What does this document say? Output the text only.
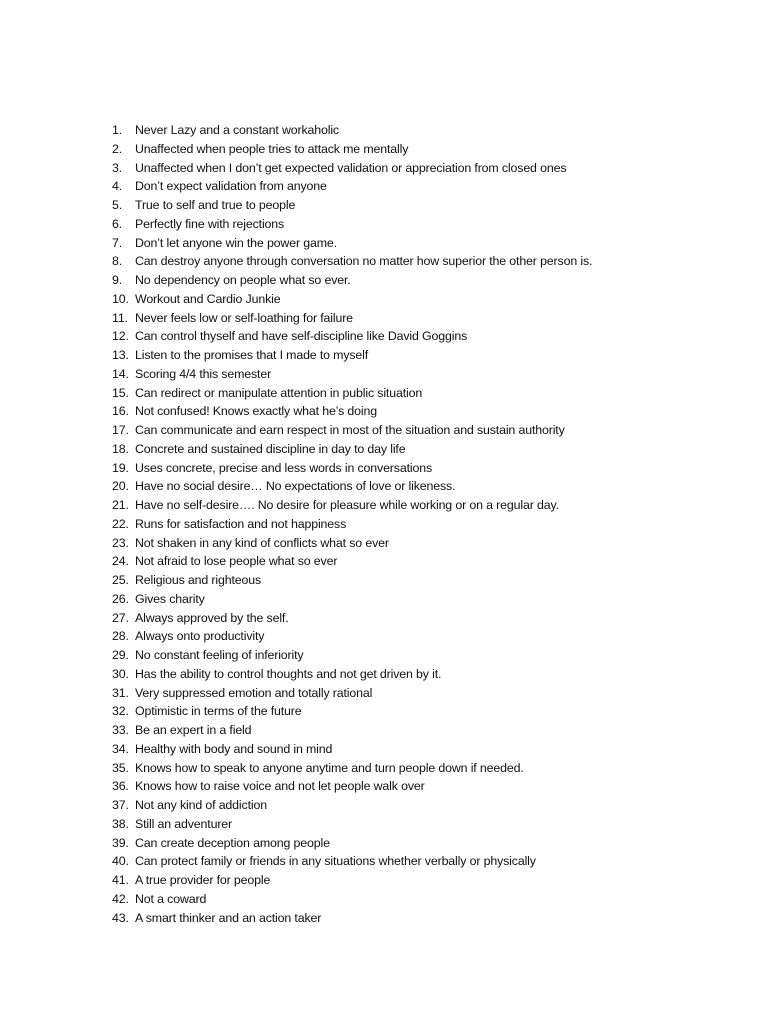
1.	Never Lazy and a constant workaholic
2.	Unaffected when people tries to attack me mentally
3.	Unaffected when I don’t get expected validation or appreciation from closed ones
4.	Don’t expect validation from anyone
5.	True to self and true to people
6.	Perfectly fine with rejections
7.	Don’t let anyone win the power game.
8.	Can destroy anyone through conversation no matter how superior the other person is.
9.	No dependency on people what so ever.
10. Workout and Cardio Junkie
11. Never feels low or self-loathing for failure
12. Can control thyself and have self-discipline like David Goggins
13. Listen to the promises that I made to myself
14. Scoring 4/4 this semester
15. Can redirect or manipulate attention in public situation
16. Not confused! Knows exactly what he’s doing
17. Can communicate and earn respect in most of the situation and sustain authority
18. Concrete and sustained discipline in day to day life
19. Uses concrete, precise and less words in conversations
20. Have no social desire… No expectations of love or likeness.
21. Have no self-desire…. No desire for pleasure while working or on a regular day.
22. Runs for satisfaction and not happiness
23. Not shaken in any kind of conflicts what so ever
24. Not afraid to lose people what so ever
25. Religious and righteous
26. Gives charity
27. Always approved by the self.
28. Always onto productivity
29. No constant feeling of inferiority
30. Has the ability to control thoughts and not get driven by it.
31. Very suppressed emotion and totally rational
32. Optimistic in terms of the future
33. Be an expert in a field
34. Healthy with body and sound in mind
35. Knows how to speak to anyone anytime and turn people down if needed.
36. Knows how to raise voice and not let people walk over
37. Not any kind of addiction
38. Still an adventurer
39. Can create deception among people
40. Can protect family or friends in any situations whether verbally or physically
41. A true provider for people
42. Not a coward
43. A smart thinker and an action taker
